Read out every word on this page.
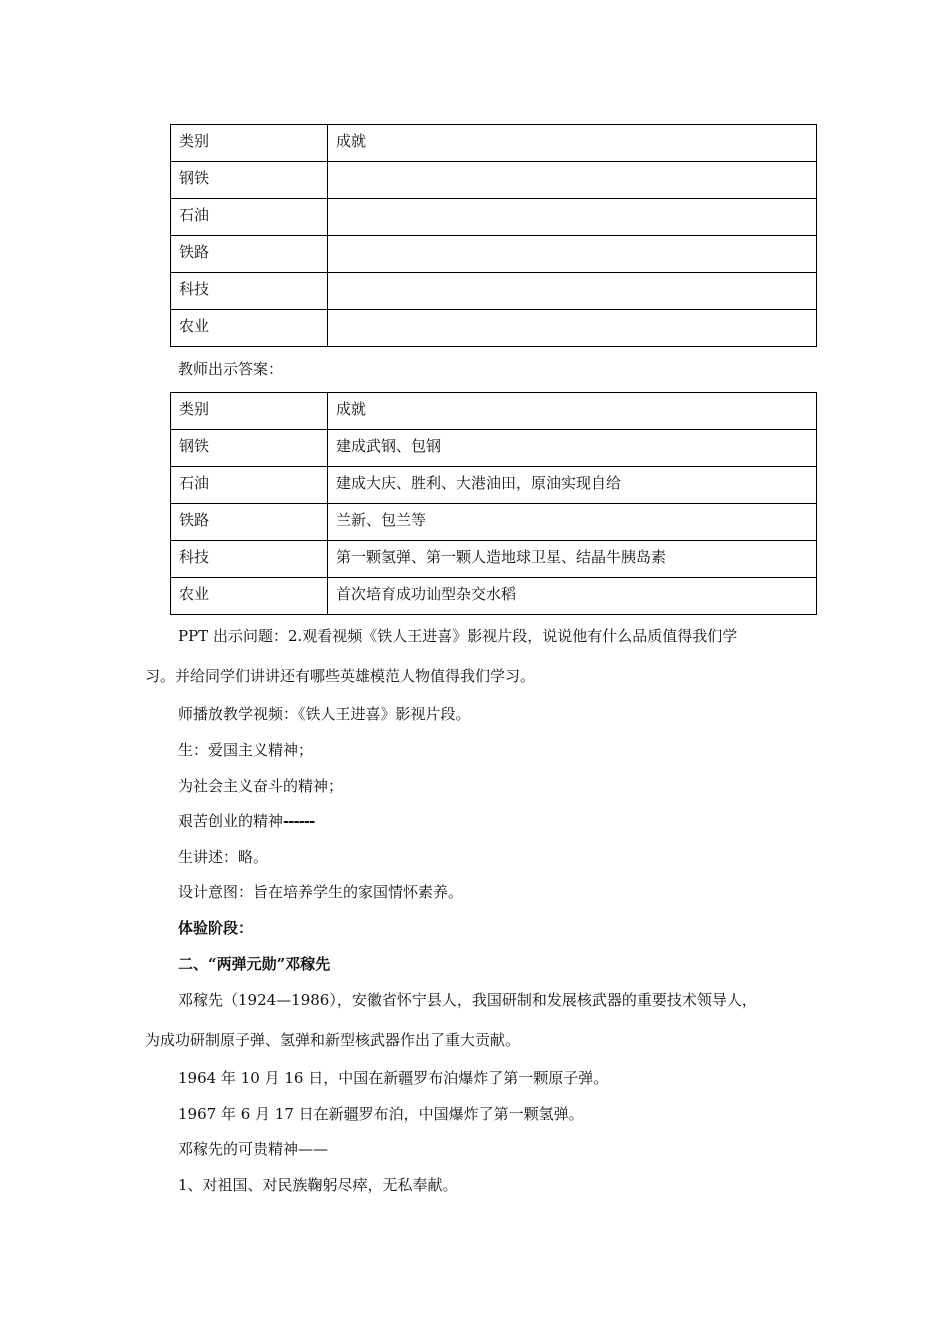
类别	成就
钢铁	
石油	
铁路	
科技	
农业	
教师出示答案：
类别	成就
钢铁	建成武钢、包钢
石油	建成大庆、胜利、大港油田，原油实现自给
铁路	兰新、包兰等
科技	第一颗氢弹、第一颗人造地球卫星、结晶牛胰岛素
农业	首次培育成功讪型杂交水稻
PPT 出示问题：2.观看视频《铁人王进喜》影视片段，说说他有什么品质值得我们学
习。并给同学们讲讲还有哪些英雄模范人物值得我们学习。
师播放教学视频：《铁人王进喜》影视片段。
生：爱国主义精神；
为社会主义奋斗的精神；
艰苦创业的精神------
生讲述：略。
设计意图：旨在培养学生的家国情怀素养。
体验阶段：
二、“两弹元勋”邓稼先
邓稼先（1924—1986），安徽省怀宁县人，我国研制和发展核武器的重要技术领导人，
为成功研制原子弹、氢弹和新型核武器作出了重大贡献。
1964 年 10 月 16 日，中国在新疆罗布泊爆炸了第一颗原子弹。
1967 年 6 月 17 日在新疆罗布泊，中国爆炸了第一颗氢弹。
邓稼先的可贵精神——
1、对祖国、对民族鞠躬尽瘁，无私奉献。
